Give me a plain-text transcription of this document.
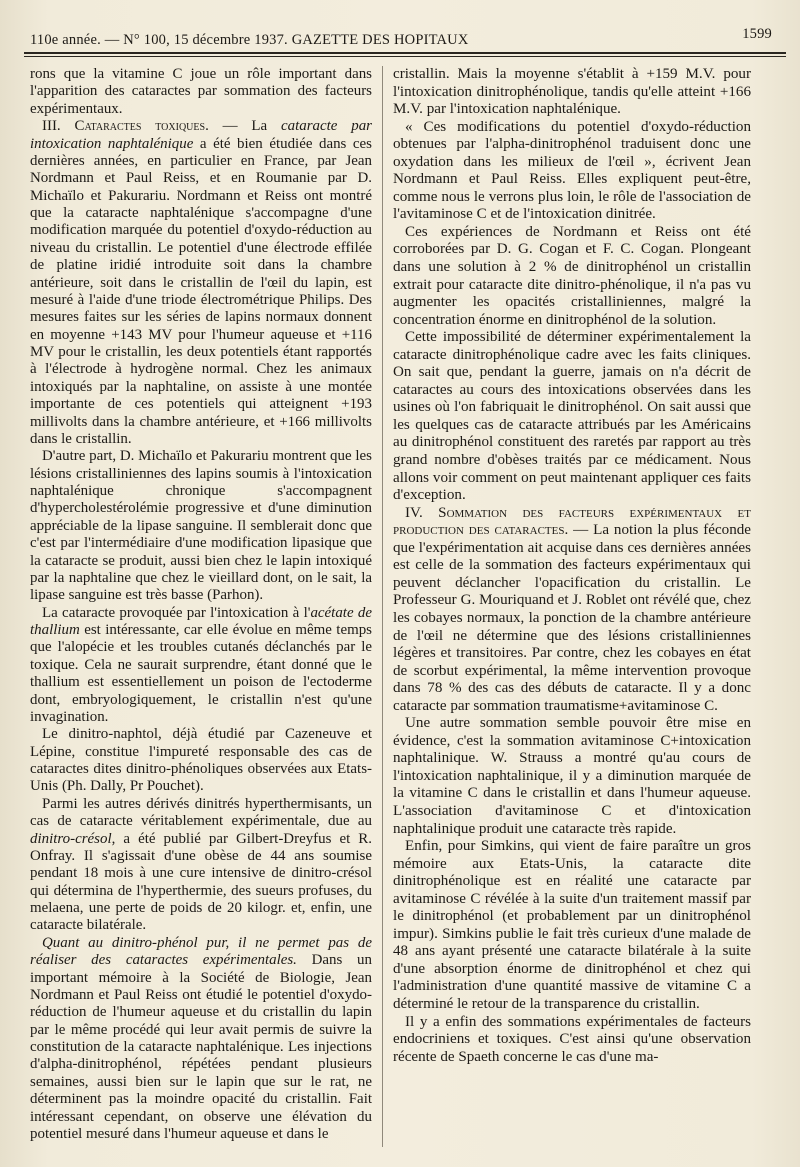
110e année. — N° 100, 15 décembre 1937. GAZETTE DES HOPITAUX	1599

rons que la vitamine C joue un rôle important dans l'apparition des cataractes par sommation des facteurs expérimentaux.

III. Cataractes toxiques. — La cataracte par intoxication naphtalénique a été bien étudiée dans ces dernières années, en particulier en France, par Jean Nordmann et Paul Reiss, et en Roumanie par D. Michaïlo et Pakurariu. Nordmann et Reiss ont montré que la cataracte naphtalénique s'accompagne d'une modification marquée du potentiel d'oxydo-réduction au niveau du cristallin. Le potentiel d'une électrode effilée de platine iridié introduite soit dans la chambre antérieure, soit dans le cristallin de l'œil du lapin, est mesuré à l'aide d'une triode électrométrique Philips. Des mesures faites sur les séries de lapins normaux donnent en moyenne +143 MV pour l'humeur aqueuse et +116 MV pour le cristallin, les deux potentiels étant rapportés à l'électrode à hydrogène normal. Chez les animaux intoxiqués par la naphtaline, on assiste à une montée importante de ces potentiels qui atteignent +193 millivolts dans la chambre antérieure, et +166 millivolts dans le cristallin.

D'autre part, D. Michaïlo et Pakurariu montrent que les lésions cristalliniennes des lapins soumis à l'intoxication naphtalénique chronique s'accompagnent d'hypercholestérolémie progressive et d'une diminution appréciable de la lipase sanguine. Il semblerait donc que c'est par l'intermédiaire d'une modification lipasique que la cataracte se produit, aussi bien chez le lapin intoxiqué par la naphtaline que chez le vieillard dont, on le sait, la lipase sanguine est très basse (Parhon).

La cataracte provoquée par l'intoxication à l'acétate de thallium est intéressante, car elle évolue en même temps que l'alopécie et les troubles cutanés déclanchés par le toxique. Cela ne saurait surprendre, étant donné que le thallium est essentiellement un poison de l'ectoderme dont, embryologiquement, le cristallin n'est qu'une invagination.

Le dinitro-naphtol, déjà étudié par Cazeneuve et Lépine, constitue l'impureté responsable des cas de cataractes dites dinitro-phénoliques observées aux Etats-Unis (Ph. Dally, Pr Pouchet).

Parmi les autres dérivés dinitrés hyperthermisants, un cas de cataracte véritablement expérimentale, due au dinitro-crésol, a été publié par Gilbert-Dreyfus et R. Onfray. Il s'agissait d'une obèse de 44 ans soumise pendant 18 mois à une cure intensive de dinitro-crésol qui détermina de l'hyperthermie, des sueurs profuses, du melaena, une perte de poids de 20 kilogr. et, enfin, une cataracte bilatérale.

Quant au dinitro-phénol pur, il ne permet pas de réaliser des cataractes expérimentales. Dans un important mémoire à la Société de Biologie, Jean Nordmann et Paul Reiss ont étudié le potentiel d'oxydo-réduction de l'humeur aqueuse et du cristallin du lapin par le même procédé qui leur avait permis de suivre la constitution de la cataracte naphtalénique. Les injections d'alpha-dinitrophénol, répétées pendant plusieurs semaines, aussi bien sur le lapin que sur le rat, ne déterminent pas la moindre opacité du cristallin. Fait intéressant cependant, on observe une élévation du potentiel mesuré dans l'humeur aqueuse et dans le

cristallin. Mais la moyenne s'établit à +159 M.V. pour l'intoxication dinitrophénolique, tandis qu'elle atteint +166 M.V. par l'intoxication naphtalénique.

« Ces modifications du potentiel d'oxydo-réduction obtenues par l'alpha-dinitrophénol traduisent donc une oxydation dans les milieux de l'œil », écrivent Jean Nordmann et Paul Reiss. Elles expliquent peut-être, comme nous le verrons plus loin, le rôle de l'association de l'avitaminose C et de l'intoxication dinitrée.

Ces expériences de Nordmann et Reiss ont été corroborées par D. G. Cogan et F. C. Cogan. Plongeant dans une solution à 2 % de dinitrophénol un cristallin extrait pour cataracte dite dinitro-phénolique, il n'a pas vu augmenter les opacités cristalliniennes, malgré la concentration énorme en dinitrophénol de la solution.

Cette impossibilité de déterminer expérimentalement la cataracte dinitrophénolique cadre avec les faits cliniques. On sait que, pendant la guerre, jamais on n'a décrit de cataractes au cours des intoxications observées dans les usines où l'on fabriquait le dinitrophénol. On sait aussi que les quelques cas de cataracte attribués par les Américains au dinitrophénol constituent des raretés par rapport au très grand nombre d'obèses traités par ce médicament. Nous allons voir comment on peut maintenant appliquer ces faits d'exception.

IV. Sommation des facteurs expérimentaux et production des cataractes. — La notion la plus féconde que l'expérimentation ait acquise dans ces dernières années est celle de la sommation des facteurs expérimentaux qui peuvent déclancher l'opacification du cristallin. Le Professeur G. Mouriquand et J. Roblet ont révélé que, chez les cobayes normaux, la ponction de la chambre antérieure de l'œil ne détermine que des lésions cristalliniennes légères et transitoires. Par contre, chez les cobayes en état de scorbut expérimental, la même intervention provoque dans 78 % des cas des débuts de cataracte. Il y a donc cataracte par sommation traumatisme+avitaminose C.

Une autre sommation semble pouvoir être mise en évidence, c'est la sommation avitaminose C+intoxication naphtalinique. W. Strauss a montré qu'au cours de l'intoxication naphtalinique, il y a diminution marquée de la vitamine C dans le cristallin et dans l'humeur aqueuse. L'association d'avitaminose C et d'intoxication naphtalinique produit une cataracte très rapide.

Enfin, pour Simkins, qui vient de faire paraître un gros mémoire aux Etats-Unis, la cataracte dite dinitrophénolique est en réalité une cataracte par avitaminose C révélée à la suite d'un traitement massif par le dinitrophénol (et probablement par un dinitrophénol impur). Simkins publie le fait très curieux d'une malade de 48 ans ayant présenté une cataracte bilatérale à la suite d'une absorption énorme de dinitrophénol et chez qui l'administration d'une quantité massive de vitamine C a déterminé le retour de la transparence du cristallin.

Il y a enfin des sommations expérimentales de facteurs endocriniens et toxiques. C'est ainsi qu'une observation récente de Spaeth concerne le cas d'une ma-
